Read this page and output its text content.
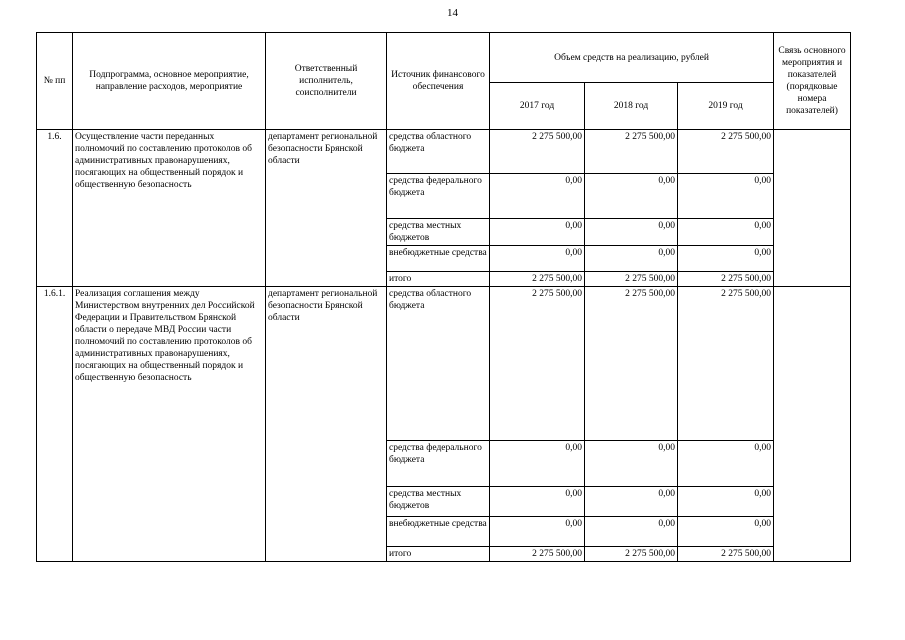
14
№ пп	Подпрограмма, основное мероприятие, направление расходов, мероприятие	Ответственный исполнитель, соисполнители	Источник финансового обеспечения	Объем средств на реализацию, рублей			Связь основного мероприятия и показателей (порядковые номера показателей)
				2017 год	2018 год	2019 год	
1.6.	Осуществление части переданных полномочий по составлению протоколов об административных правонарушениях, посягающих на общественный порядок и общественную безопасность	департамент региональной безопасности Брянской области	средства областного бюджета	2 275 500,00	2 275 500,00	2 275 500,00	
			средства федерального бюджета	0,00	0,00	0,00	
			средства местных бюджетов	0,00	0,00	0,00	
			внебюджетные средства	0,00	0,00	0,00	
			итого	2 275 500,00	2 275 500,00	2 275 500,00	
1.6.1.	Реализация соглашения между Министерством внутренних дел Российской Федерации и Правительством Брянской области о передаче МВД России части полномочий по составлению протоколов об административных правонарушениях, посягающих на общественный порядок и общественную безопасность	департамент региональной безопасности Брянской области	средства областного бюджета	2 275 500,00	2 275 500,00	2 275 500,00	
			средства федерального бюджета	0,00	0,00	0,00	
			средства местных бюджетов	0,00	0,00	0,00	
			внебюджетные средства	0,00	0,00	0,00	
			итого	2 275 500,00	2 275 500,00	2 275 500,00	
